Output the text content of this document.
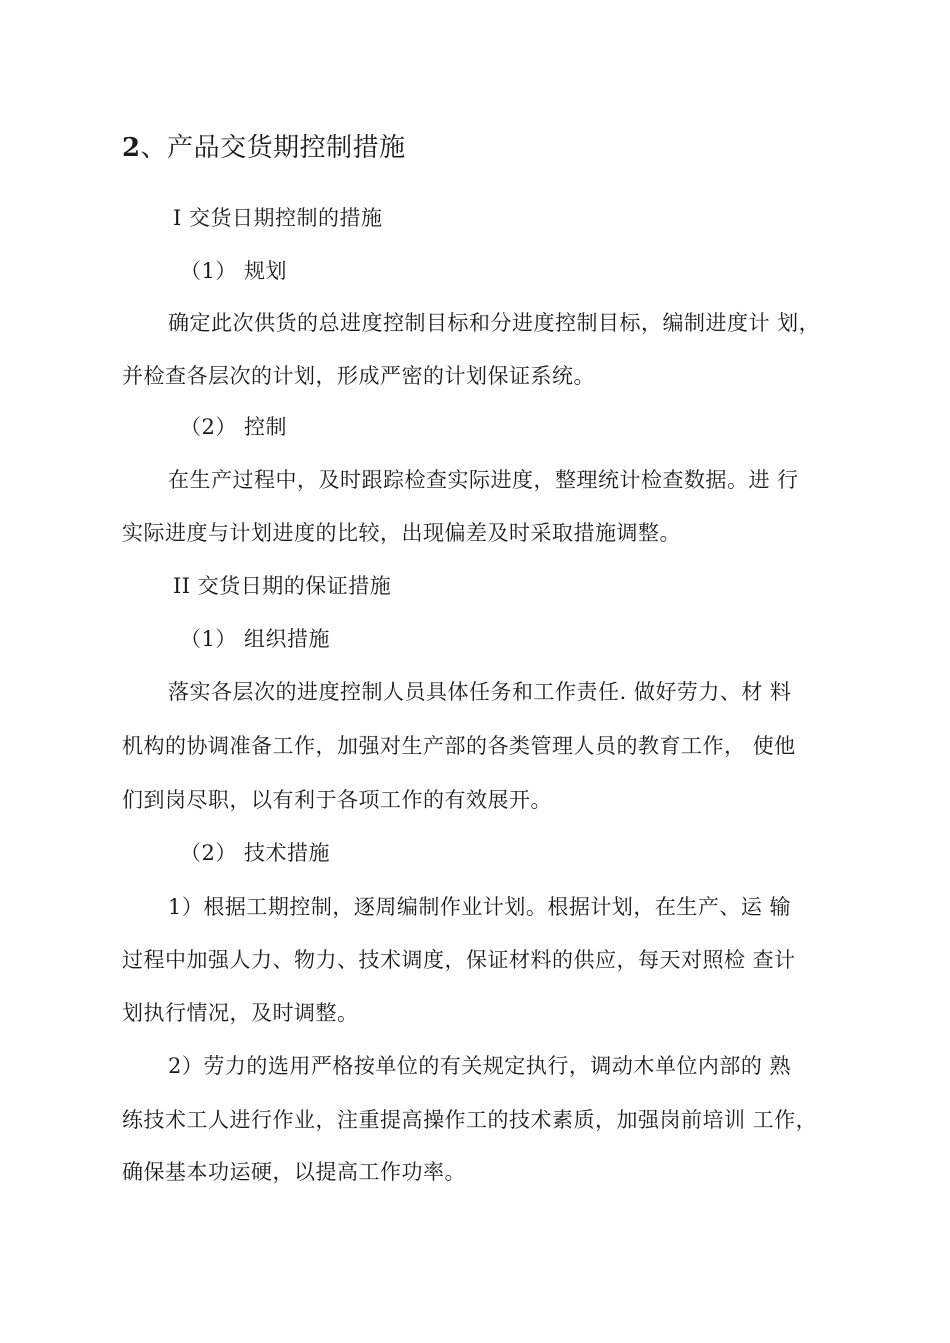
2、产品交货期控制措施
I 交货日期控制的措施
（1） 规划
确定此次供货的总进度控制目标和分进度控制目标，编制进度计 划，
并检查各层次的计划，形成严密的计划保证系统。
（2） 控制
在生产过程中，及时跟踪检查实际进度，整理统计检查数据。进 行
实际进度与计划进度的比较，出现偏差及时采取措施调整。
II 交货日期的保证措施
（1） 组织措施
落实各层次的进度控制人员具体任务和工作责任. 做好劳力、材 料
机构的协调准备工作，加强对生产部的各类管理人员的教育工作， 使他
们到岗尽职，以有利于各项工作的有效展开。
（2） 技术措施
1）根据工期控制，逐周编制作业计划。根据计划，在生产、运 输
过程中加强人力、物力、技术调度，保证材料的供应，每天对照检 查计
划执行情况，及时调整。
2）劳力的选用严格按单位的有关规定执行，调动木单位内部的 熟
练技术工人进行作业，注重提高操作工的技术素质，加强岗前培训 工作，
确保基本功运硬，以提高工作功率。
